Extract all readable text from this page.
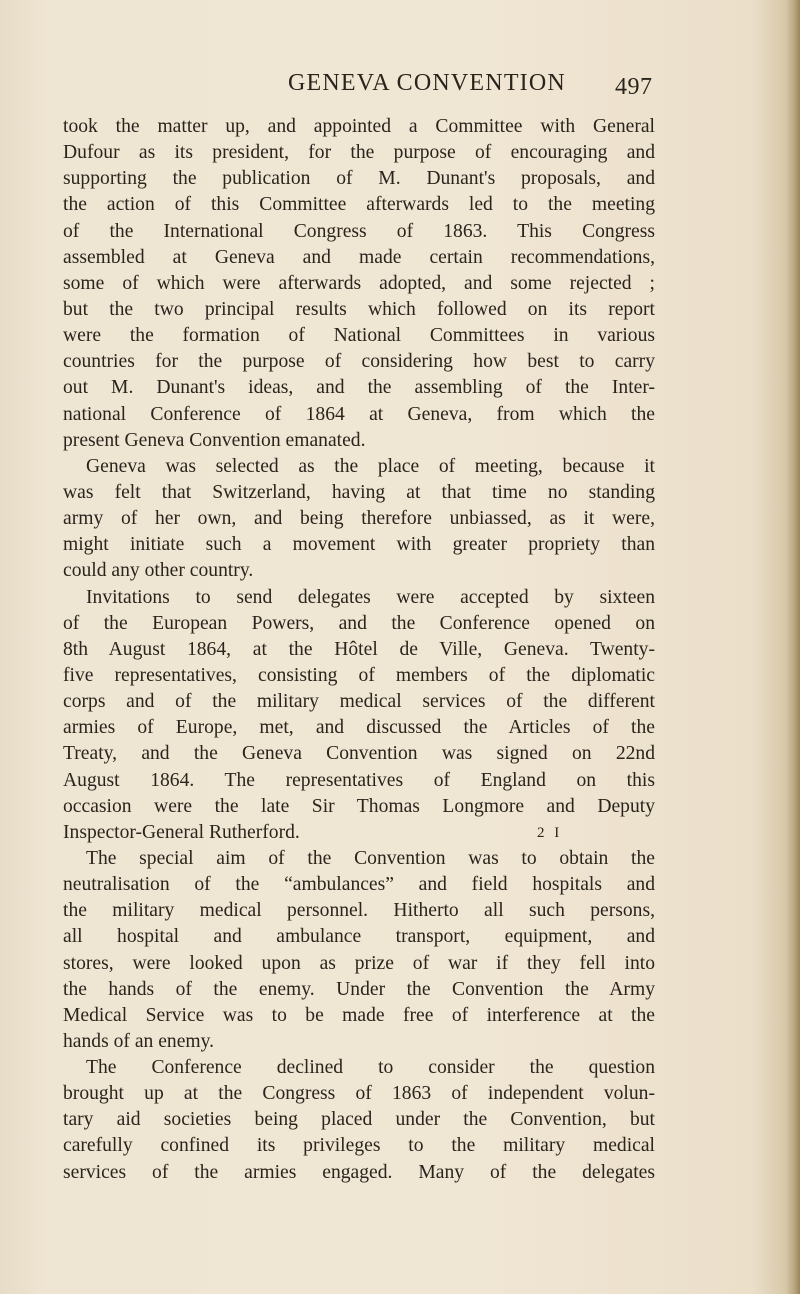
GENEVA CONVENTION 497
took the matter up, and appointed a Committee with General
Dufour as its president, for the purpose of encouraging and
supporting the publication of M. Dunant's proposals, and
the action of this Committee afterwards led to the meeting
of the International Congress of 1863. This Congress
assembled at Geneva and made certain recommendations,
some of which were afterwards adopted, and some rejected ;
but the two principal results which followed on its report
were the formation of National Committees in various
countries for the purpose of considering how best to carry
out M. Dunant's ideas, and the assembling of the Inter-
national Conference of 1864 at Geneva, from which the
present Geneva Convention emanated.
Geneva was selected as the place of meeting, because it
was felt that Switzerland, having at that time no standing
army of her own, and being therefore unbiassed, as it were,
might initiate such a movement with greater propriety than
could any other country.
Invitations to send delegates were accepted by sixteen
of the European Powers, and the Conference opened on
8th August 1864, at the Hôtel de Ville, Geneva. Twenty-
five representatives, consisting of members of the diplomatic
corps and of the military medical services of the different
armies of Europe, met, and discussed the Articles of the
Treaty, and the Geneva Convention was signed on 22nd
August 1864. The representatives of England on this
occasion were the late Sir Thomas Longmore and Deputy
Inspector-General Rutherford.
The special aim of the Convention was to obtain the
neutralisation of the “ambulances” and field hospitals and
the military medical personnel. Hitherto all such persons,
all hospital and ambulance transport, equipment, and
stores, were looked upon as prize of war if they fell into
the hands of the enemy. Under the Convention the Army
Medical Service was to be made free of interference at the
hands of an enemy.
The Conference declined to consider the question
brought up at the Congress of 1863 of independent volun-
tary aid societies being placed under the Convention, but
carefully confined its privileges to the military medical
services of the armies engaged. Many of the delegates
2 I
